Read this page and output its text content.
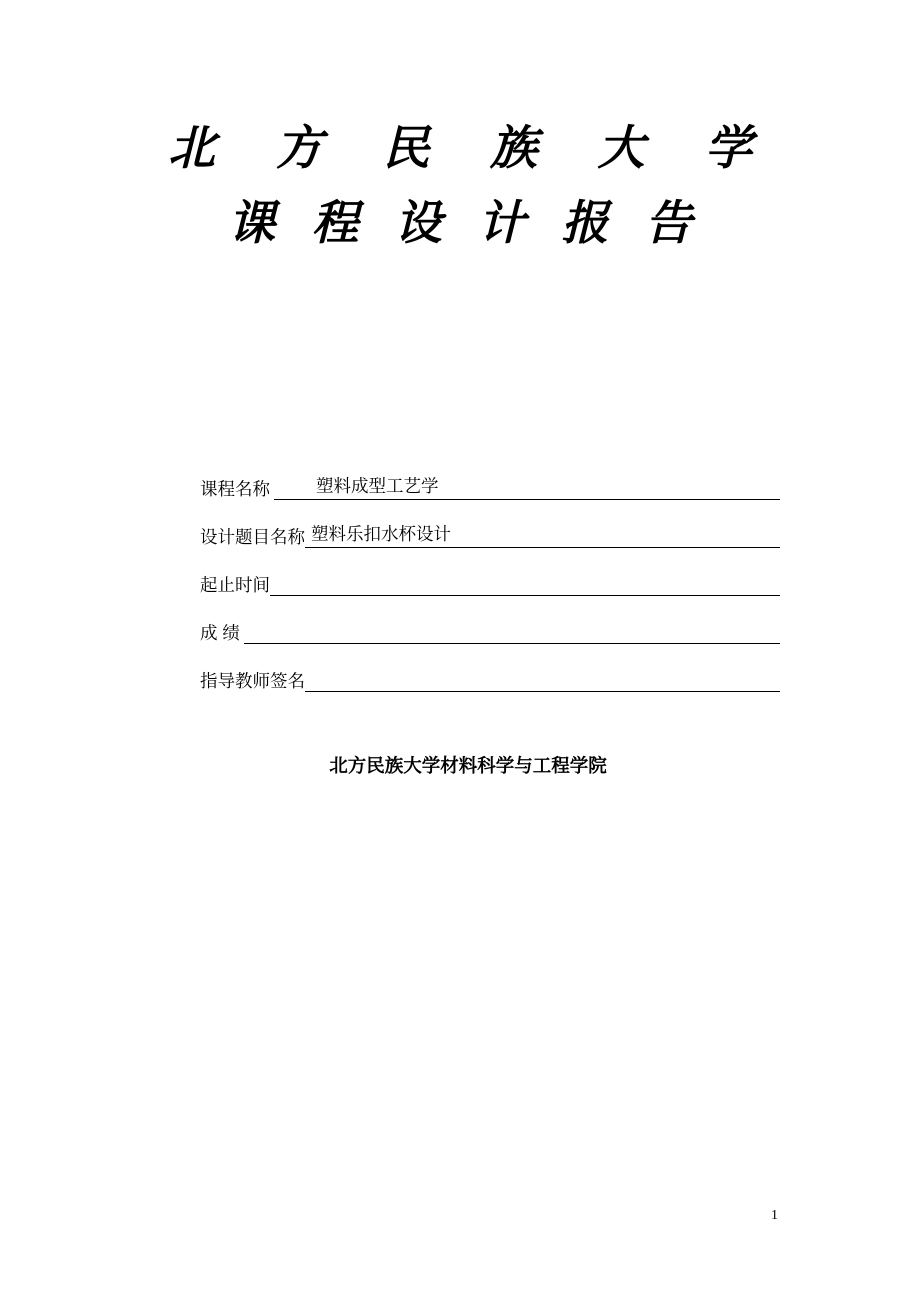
北 方 民 族 大 学
课 程 设 计 报 告
课程名称	塑料成型工艺学
设计题目名称 塑料乐扣水杯设计
起止时间
成 绩
指导教师签名
北方民族大学材料科学与工程学院
1
